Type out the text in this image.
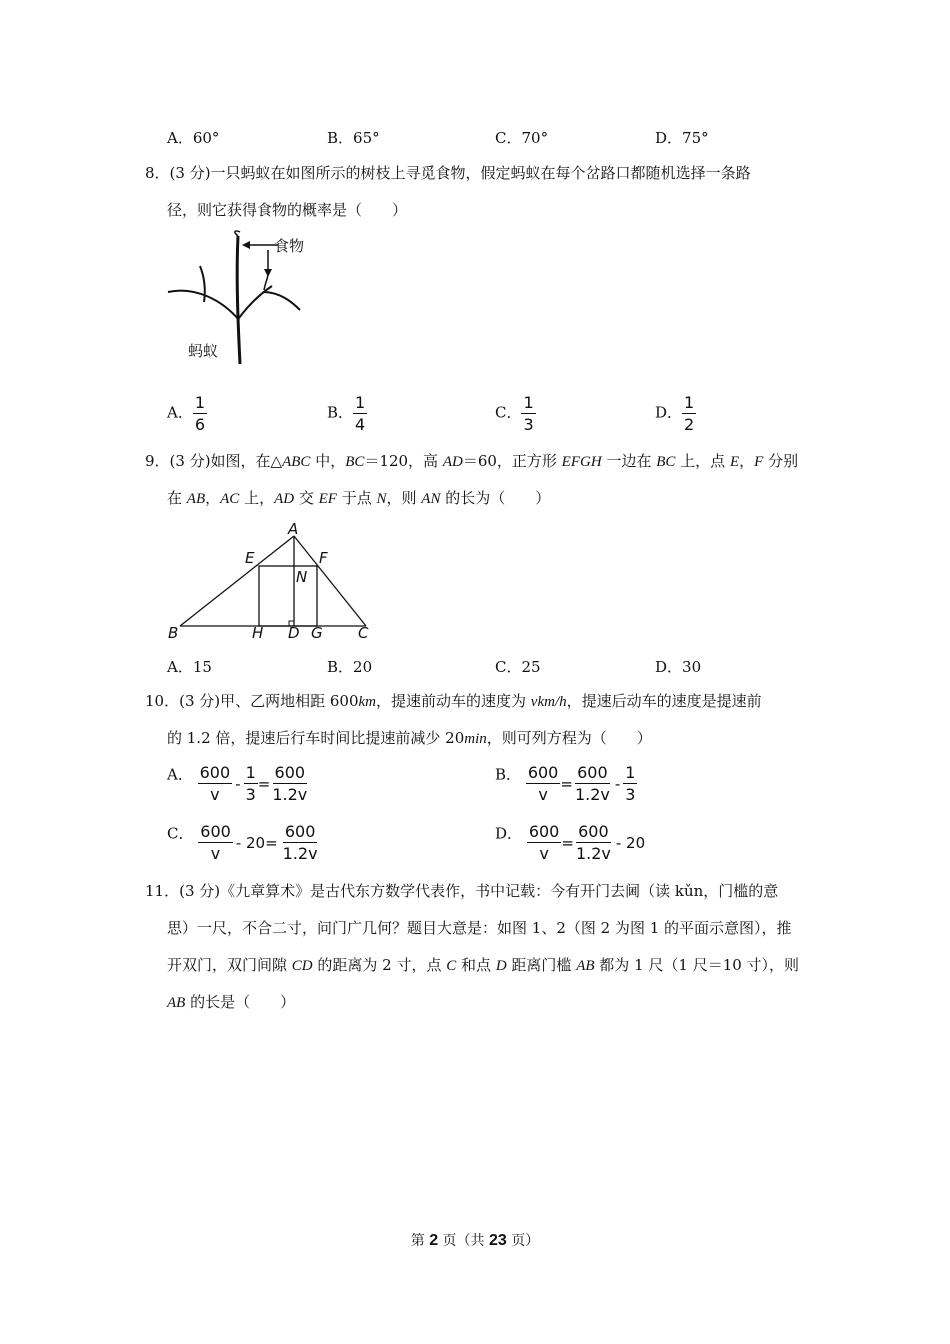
A．60°	B．65°	C．70°	D．75°
8．(3 分)一只蚂蚁在如图所示的树枝上寻觅食物，假定蚂蚁在每个岔路口都随机选择一条路
径，则它获得食物的概率是（　　）
食物
蚂蚁
A． $\frac{1}{6}$	B． $\frac{1}{4}$	C． $\frac{1}{3}$	D． $\frac{1}{2}$
9．(3 分)如图，在△ABC 中，BC＝120，高 AD＝60，正方形 EFGH 一边在 BC 上，点 E，F 分别
在 AB，AC 上，AD 交 EF 于点 N，则 AN 的长为（　　）
A
B	C
D
E	F
G
H
N
A．15	B．20	C．25	D．30
10．(3 分)甲、乙两地相距 600km，提速前动车的速度为 vkm/h，提速后动车的速度是提速前
的 1.2 倍，提速后行车时间比提速前减少 20min，则可列方程为（　　）
A． $\frac{600}{v} - \frac{1}{3} = \frac{600}{1.2v}$	B． $\frac{600}{v} = \frac{600}{1.2v} - \frac{1}{3}$
C． $\frac{600}{v} - 20= \frac{600}{1.2v}$	D． $\frac{600}{v} = \frac{600}{1.2v} - 20$
11．(3 分)《九章算术》是古代东方数学代表作，书中记载：今有开门去阃（读 kǔn，门槛的意
思）一尺，不合二寸，问门广几何？题目大意是：如图 1、2（图 2 为图 1 的平面示意图），推
开双门，双门间隙 CD 的距离为 2 寸，点 C 和点 D 距离门槛 AB 都为 1 尺（1 尺＝10 寸），则
AB 的长是（　　）
第 2 页（共 23 页）
